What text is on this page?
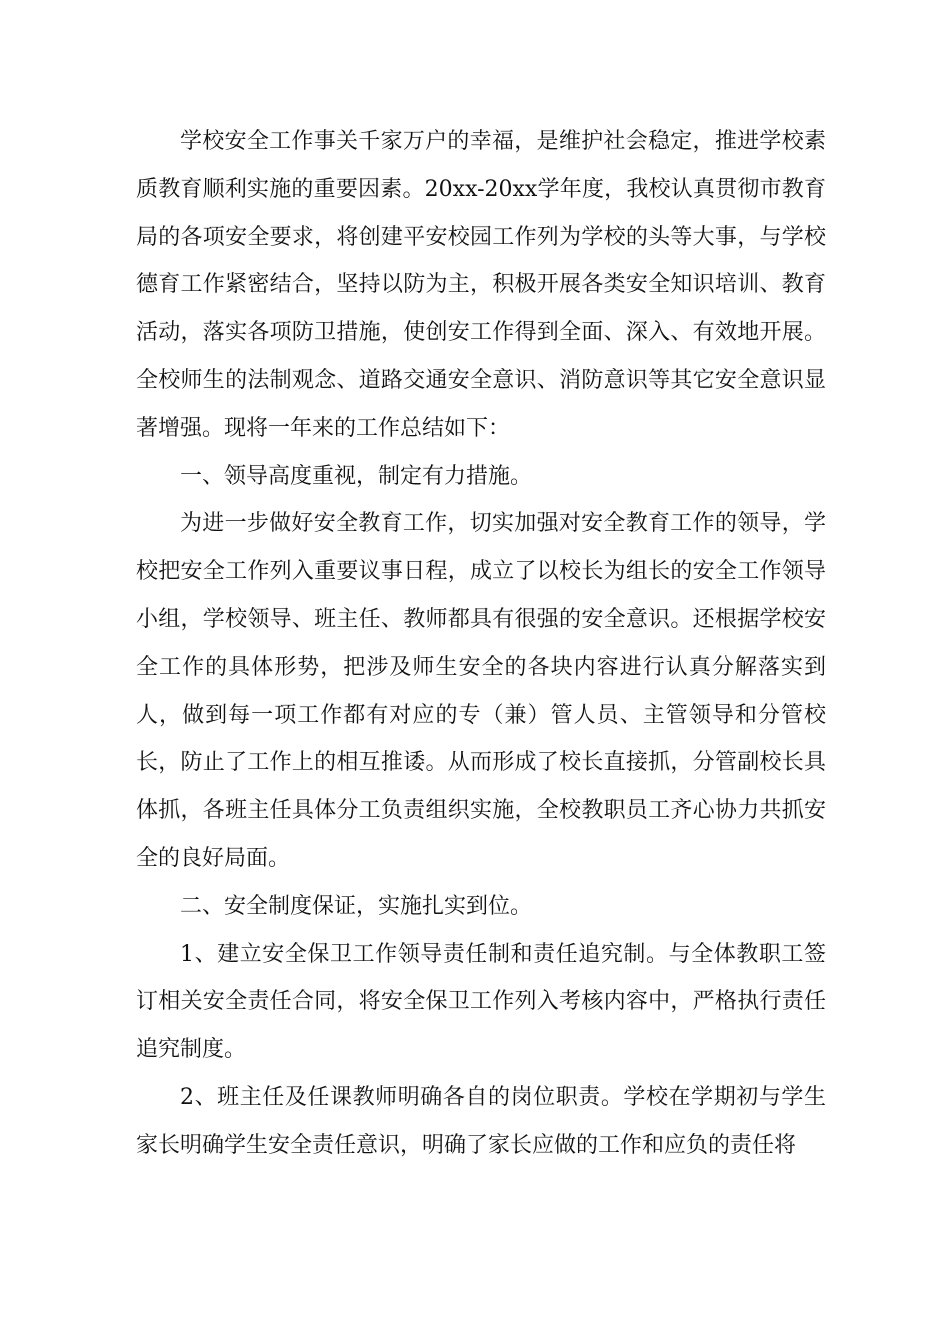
学校安全工作事关千家万户的幸福，是维护社会稳定，推进学校素质教育顺利实施的重要因素。20xx-20xx学年度，我校认真贯彻市教育局的各项安全要求，将创建平安校园工作列为学校的头等大事，与学校德育工作紧密结合，坚持以防为主，积极开展各类安全知识培训、教育活动，落实各项防卫措施，使创安工作得到全面、深入、有效地开展。全校师生的法制观念、道路交通安全意识、消防意识等其它安全意识显著增强。现将一年来的工作总结如下：

一、领导高度重视，制定有力措施。

为进一步做好安全教育工作，切实加强对安全教育工作的领导，学校把安全工作列入重要议事日程，成立了以校长为组长的安全工作领导小组，学校领导、班主任、教师都具有很强的安全意识。还根据学校安全工作的具体形势，把涉及师生安全的各块内容进行认真分解落实到人，做到每一项工作都有对应的专（兼）管人员、主管领导和分管校长，防止了工作上的相互推诿。从而形成了校长直接抓，分管副校长具体抓，各班主任具体分工负责组织实施，全校教职员工齐心协力共抓安全的良好局面。

二、安全制度保证，实施扎实到位。

1、建立安全保卫工作领导责任制和责任追究制。与全体教职工签订相关安全责任合同，将安全保卫工作列入考核内容中，严格执行责任追究制度。

2、班主任及任课教师明确各自的岗位职责。学校在学期初与学生家长明确学生安全责任意识，明确了家长应做的工作和应负的责任将
